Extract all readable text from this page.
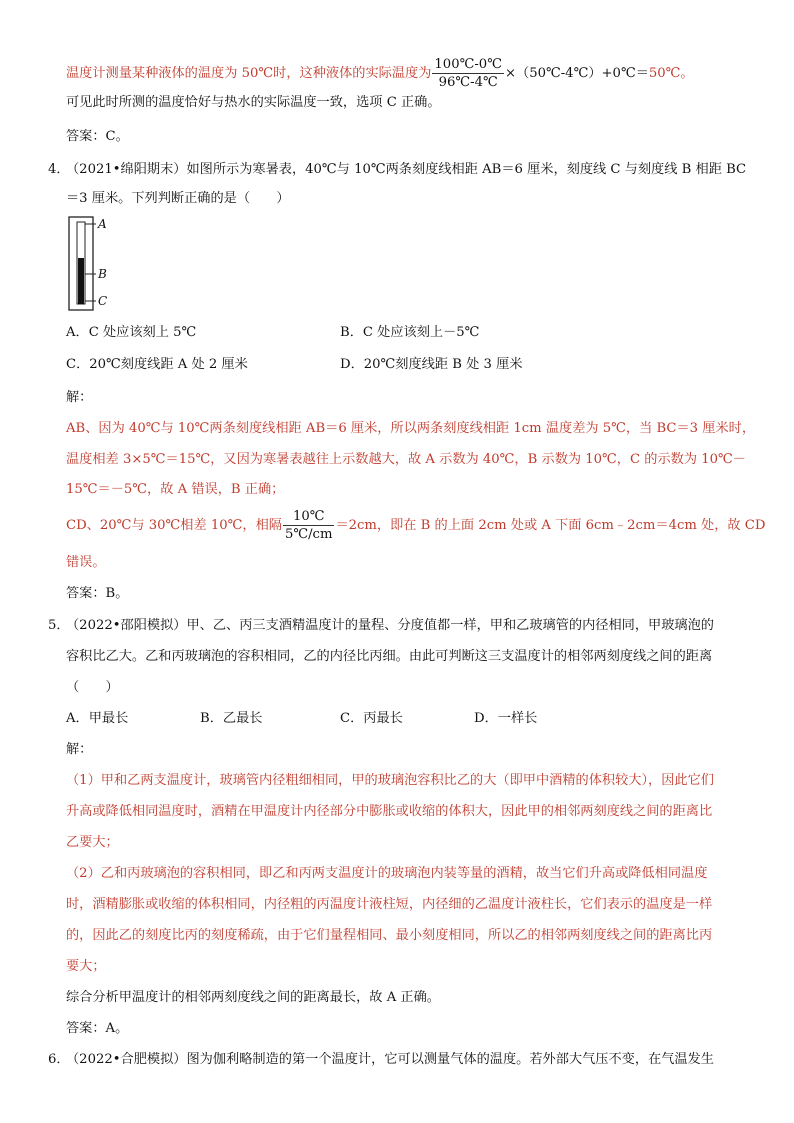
温度计测量某种液体的温度为 50℃时，这种液体的实际温度为 $\frac{100℃-0℃}{96℃-4℃}$ ×（50℃-4℃）+0℃＝50℃。
可见此时所测的温度恰好与热水的实际温度一致，选项 C 正确。
答案：C。
4．
（2021•绵阳期末）如图所示为寒暑表，40℃与 10℃两条刻度线相距 AB＝6 厘米，刻度线 C 与刻度线 B 相距 BC
＝3 厘米。下列判断正确的是（　　）
A
B
C
A．C 处应该刻上 5℃	B．C 处应该刻上－5℃
C．20℃刻度线距 A 处 2 厘米	D．20℃刻度线距 B 处 3 厘米
解：
AB、因为 40℃与 10℃两条刻度线相距 AB＝6 厘米，所以两条刻度线相距 1cm 温度差为 5℃，当 BC＝3 厘米时，
温度相差 3×5℃＝15℃，又因为寒暑表越往上示数越大，故 A 示数为 40℃，B 示数为 10℃，C 的示数为 10℃－
15℃＝－5℃，故 A 错误，B 正确；
CD、20℃与 30℃相差 10℃，相隔 $\frac{10℃}{5℃/cm} =2cm$，即在 B 的上面 2cm 处或 A 下面 6cm﹣2cm＝4cm 处，故 CD
错误。
答案：B。
5．
（2022•邵阳模拟）甲、乙、丙三支酒精温度计的量程、分度值都一样，甲和乙玻璃管的内径相同，甲玻璃泡的
容积比乙大。乙和丙玻璃泡的容积相同，乙的内径比丙细。由此可判断这三支温度计的相邻两刻度线之间的距离
（　　）
A．甲最长	B．乙最长	C．丙最长	D．一样长
解：
（1）甲和乙两支温度计，玻璃管内径粗细相同，甲的玻璃泡容积比乙的大（即甲中酒精的体积较大），因此它们
升高或降低相同温度时，酒精在甲温度计内径部分中膨胀或收缩的体积大，因此甲的相邻两刻度线之间的距离比
乙要大；
（2）乙和丙玻璃泡的容积相同，即乙和丙两支温度计的玻璃泡内装等量的酒精，故当它们升高或降低相同温度
时，酒精膨胀或收缩的体积相同，内径粗的丙温度计液柱短，内径细的乙温度计液柱长，它们表示的温度是一样
的，因此乙的刻度比丙的刻度稀疏，由于它们量程相同、最小刻度相同，所以乙的相邻两刻度线之间的距离比丙
要大；
综合分析甲温度计的相邻两刻度线之间的距离最长，故 A 正确。
答案：A。
6．
（2022•合肥模拟）图为伽利略制造的第一个温度计，它可以测量气体的温度。若外部大气压不变，在气温发生
